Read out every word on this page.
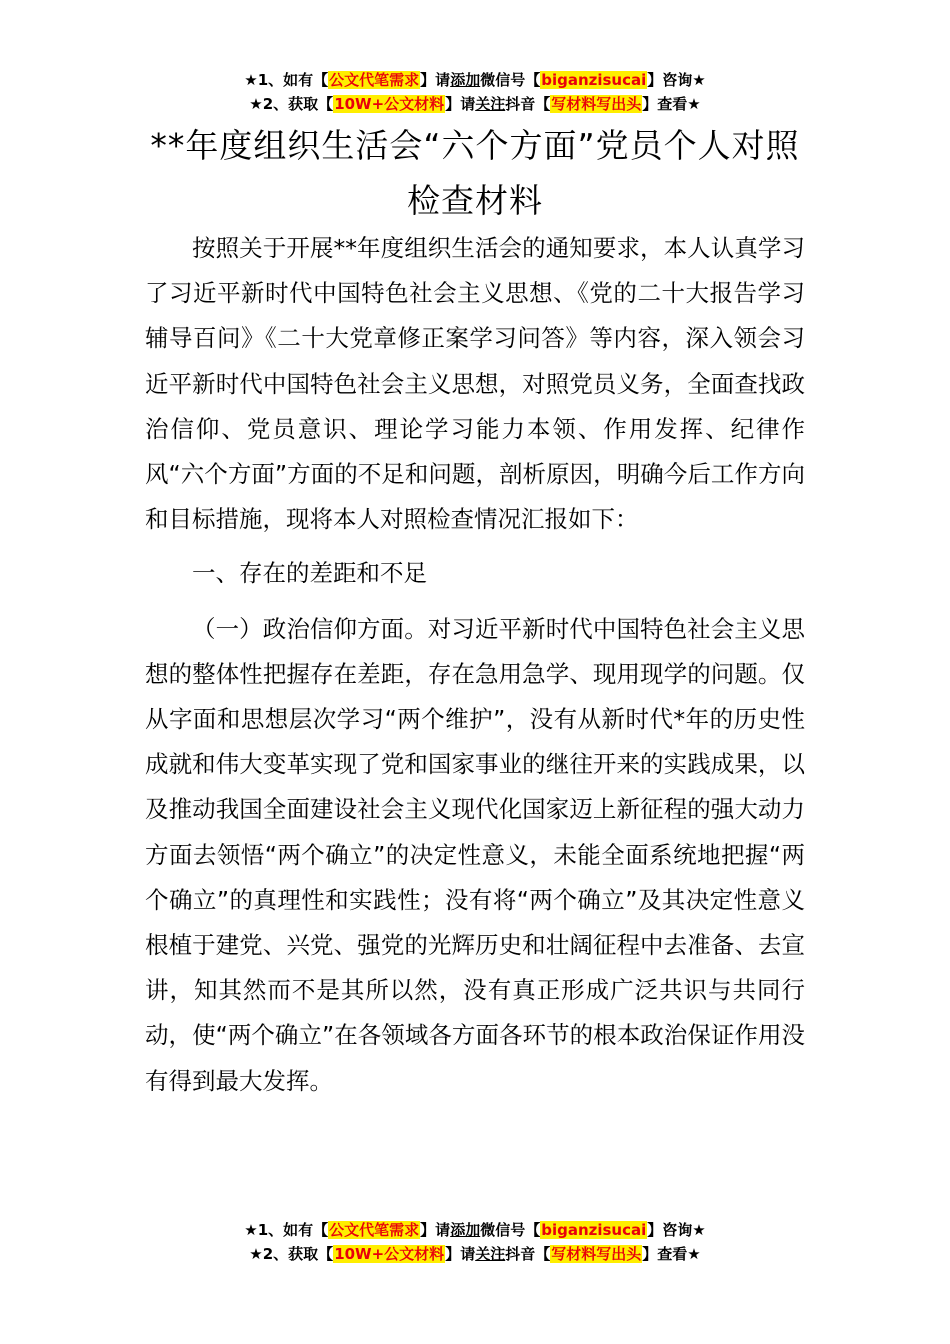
★1、如有【公文代笔需求】请添加微信号【biganzisucai】咨询★
★2、获取【10W+公文材料】请关注抖音【写材料写出头】查看★
**年度组织生活会“六个方面”党员个人对照检查材料

按照关于开展**年度组织生活会的通知要求，本人认真学习了习近平新时代中国特色社会主义思想、《党的二十大报告学习辅导百问》《二十大党章修正案学习问答》等内容，深入领会习近平新时代中国特色社会主义思想，对照党员义务，全面查找政治信仰、党员意识、理论学习能力本领、作用发挥、纪律作风“六个方面”方面的不足和问题，剖析原因，明确今后工作方向和目标措施，现将本人对照检查情况汇报如下：

一、存在的差距和不足

（一）政治信仰方面。对习近平新时代中国特色社会主义思想的整体性把握存在差距，存在急用急学、现用现学的问题。仅从字面和思想层次学习“两个维护”，没有从新时代*年的历史性成就和伟大变革实现了党和国家事业的继往开来的实践成果，以及推动我国全面建设社会主义现代化国家迈上新征程的强大动力方面去领悟“两个确立”的决定性意义，未能全面系统地把握“两个确立”的真理性和实践性；没有将“两个确立”及其决定性意义根植于建党、兴党、强党的光辉历史和壮阔征程中去准备、去宣讲，知其然而不是其所以然，没有真正形成广泛共识与共同行动，使“两个确立”在各领域各方面各环节的根本政治保证作用没有得到最大发挥。

★1、如有【公文代笔需求】请添加微信号【biganzisucai】咨询★
★2、获取【10W+公文材料】请关注抖音【写材料写出头】查看★
